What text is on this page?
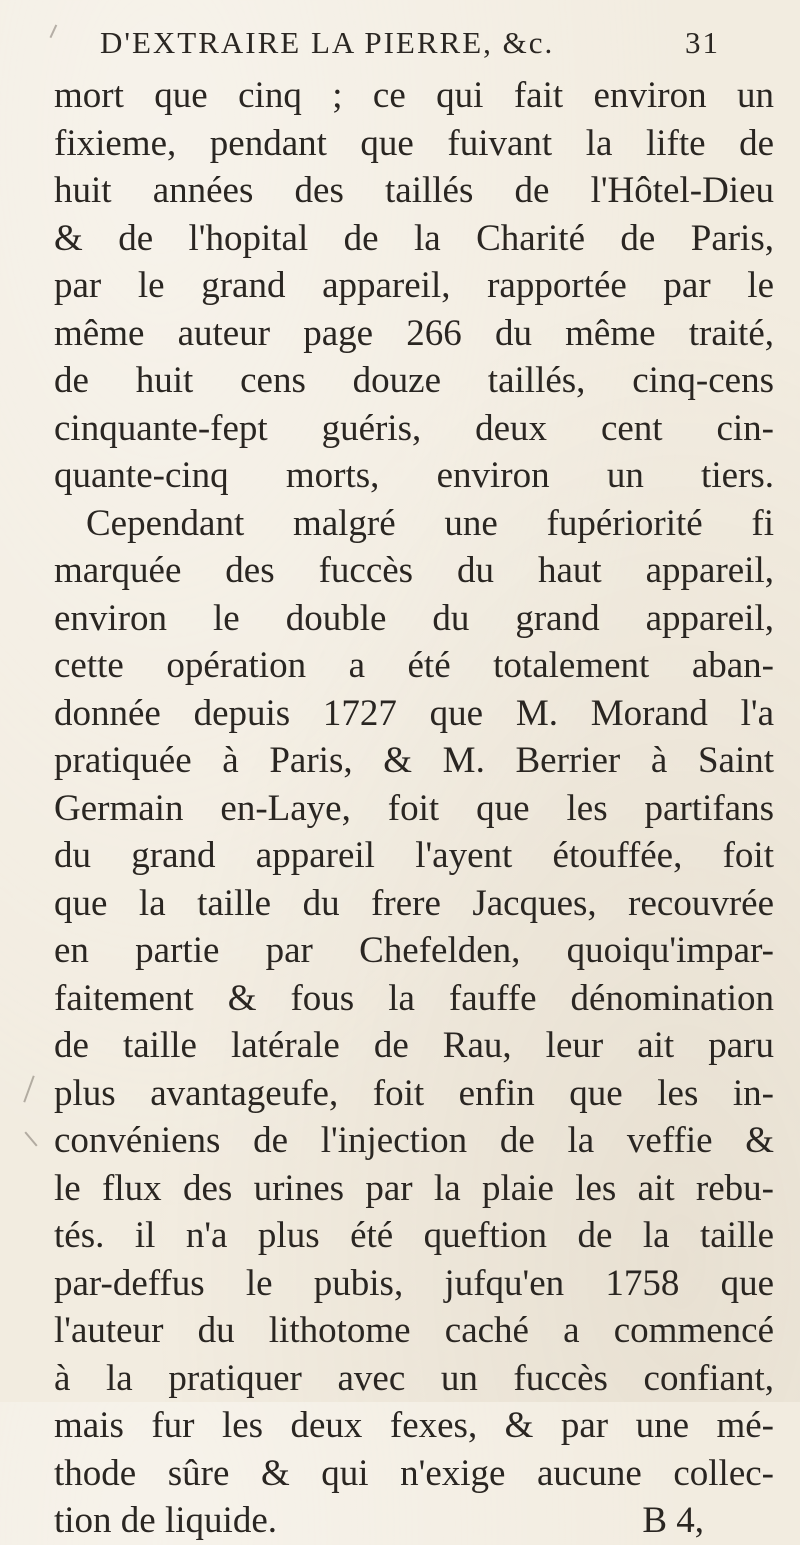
D'EXTRAIRE LA PIERRE, &c.	31
mort que cinq ; ce qui fait environ un
fixieme, pendant que fuivant la lifte de
huit années des taillés de l'Hôtel-Dieu
& de l'hopital de la Charité de Paris,
par le grand appareil, rapportée par le
même auteur page 266 du même traité,
de huit cens douze taillés, cinq-cens
cinquante-fept guéris, deux cent cin-
quante-cinq morts, environ un tiers.
Cependant malgré une fupériorité fi
marquée des fuccès du haut appareil,
environ le double du grand appareil,
cette opération a été totalement aban-
donnée depuis 1727 que M. Morand l'a
pratiquée à Paris, & M. Berrier à Saint
Germain en-Laye, foit que les partifans
du grand appareil l'ayent étouffée, foit
que la taille du frere Jacques, recouvrée
en partie par Chefelden, quoiqu'impar-
faitement & fous la fauffe dénomination
de taille latérale de Rau, leur ait paru
plus avantageufe, foit enfin que les in-
convéniens de l'injection de la veffie &
le flux des urines par la plaie les ait rebu-
tés. il n'a plus été queftion de la taille
par-deffus le pubis, jufqu'en 1758 que
l'auteur du lithotome caché a commencé
à la pratiquer avec un fuccès confiant,
mais fur les deux fexes, & par une mé-
thode sûre & qui n'exige aucune collec-
tion de liquide.	B 4,
